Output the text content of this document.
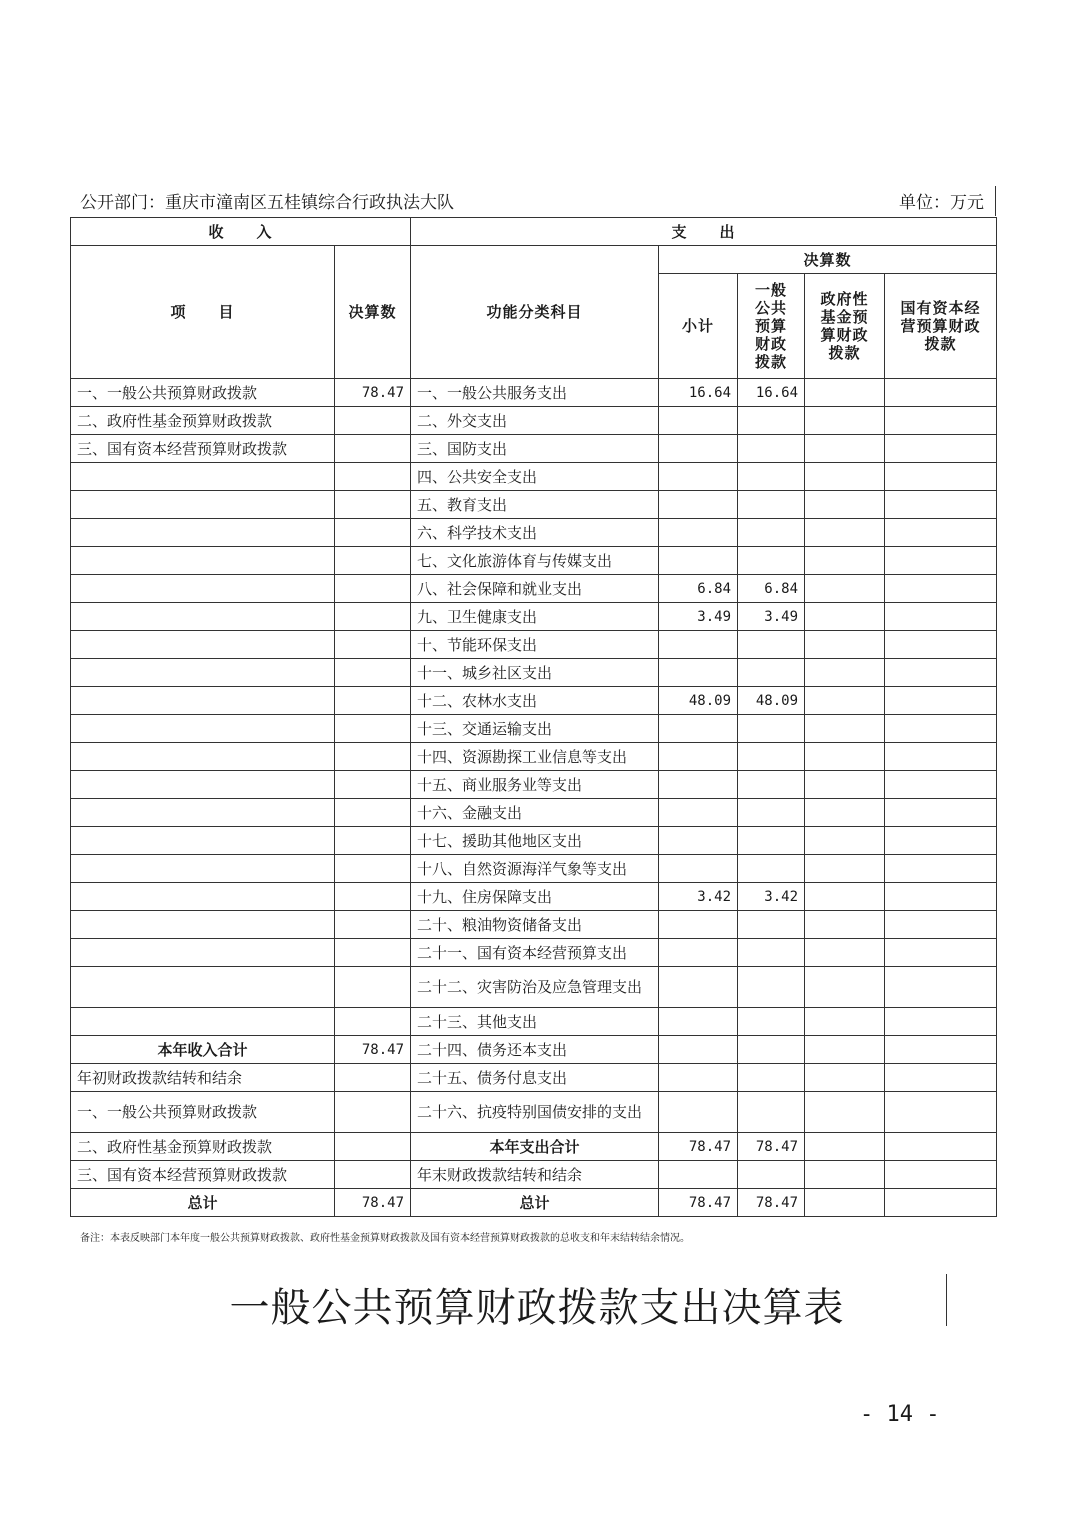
公开部门：重庆市潼南区五桂镇综合行政执法大队	单位：万元
收　　入		支　　出				
项　　目	决算数	功能分类科目	决算数			
			小计	一般公共预算财政拨款	政府性基金预算财政拨款	国有资本经营预算财政拨款
一、一般公共预算财政拨款	78.47	一、一般公共服务支出	16.64	16.64		
二、政府性基金预算财政拨款		二、外交支出				
三、国有资本经营预算财政拨款		三、国防支出				
		四、公共安全支出				
		五、教育支出				
		六、科学技术支出				
		七、文化旅游体育与传媒支出				
		八、社会保障和就业支出	6.84	6.84		
		九、卫生健康支出	3.49	3.49		
		十、节能环保支出				
		十一、城乡社区支出				
		十二、农林水支出	48.09	48.09		
		十三、交通运输支出				
		十四、资源勘探工业信息等支出				
		十五、商业服务业等支出				
		十六、金融支出				
		十七、援助其他地区支出				
		十八、自然资源海洋气象等支出				
		十九、住房保障支出	3.42	3.42		
		二十、粮油物资储备支出				
		二十一、国有资本经营预算支出				
		二十二、灾害防治及应急管理支出				
		二十三、其他支出				
本年收入合计	78.47	二十四、债务还本支出				
年初财政拨款结转和结余		二十五、债务付息支出				
一、一般公共预算财政拨款		二十六、抗疫特别国债安排的支出				
二、政府性基金预算财政拨款		本年支出合计	78.47	78.47		
三、国有资本经营预算财政拨款		年末财政拨款结转和结余				
总计	78.47	总计	78.47	78.47		
备注：本表反映部门本年度一般公共预算财政拨款、政府性基金预算财政拨款及国有资本经营预算财政拨款的总收支和年末结转结余情况。
一般公共预算财政拨款支出决算表
- 14 -
